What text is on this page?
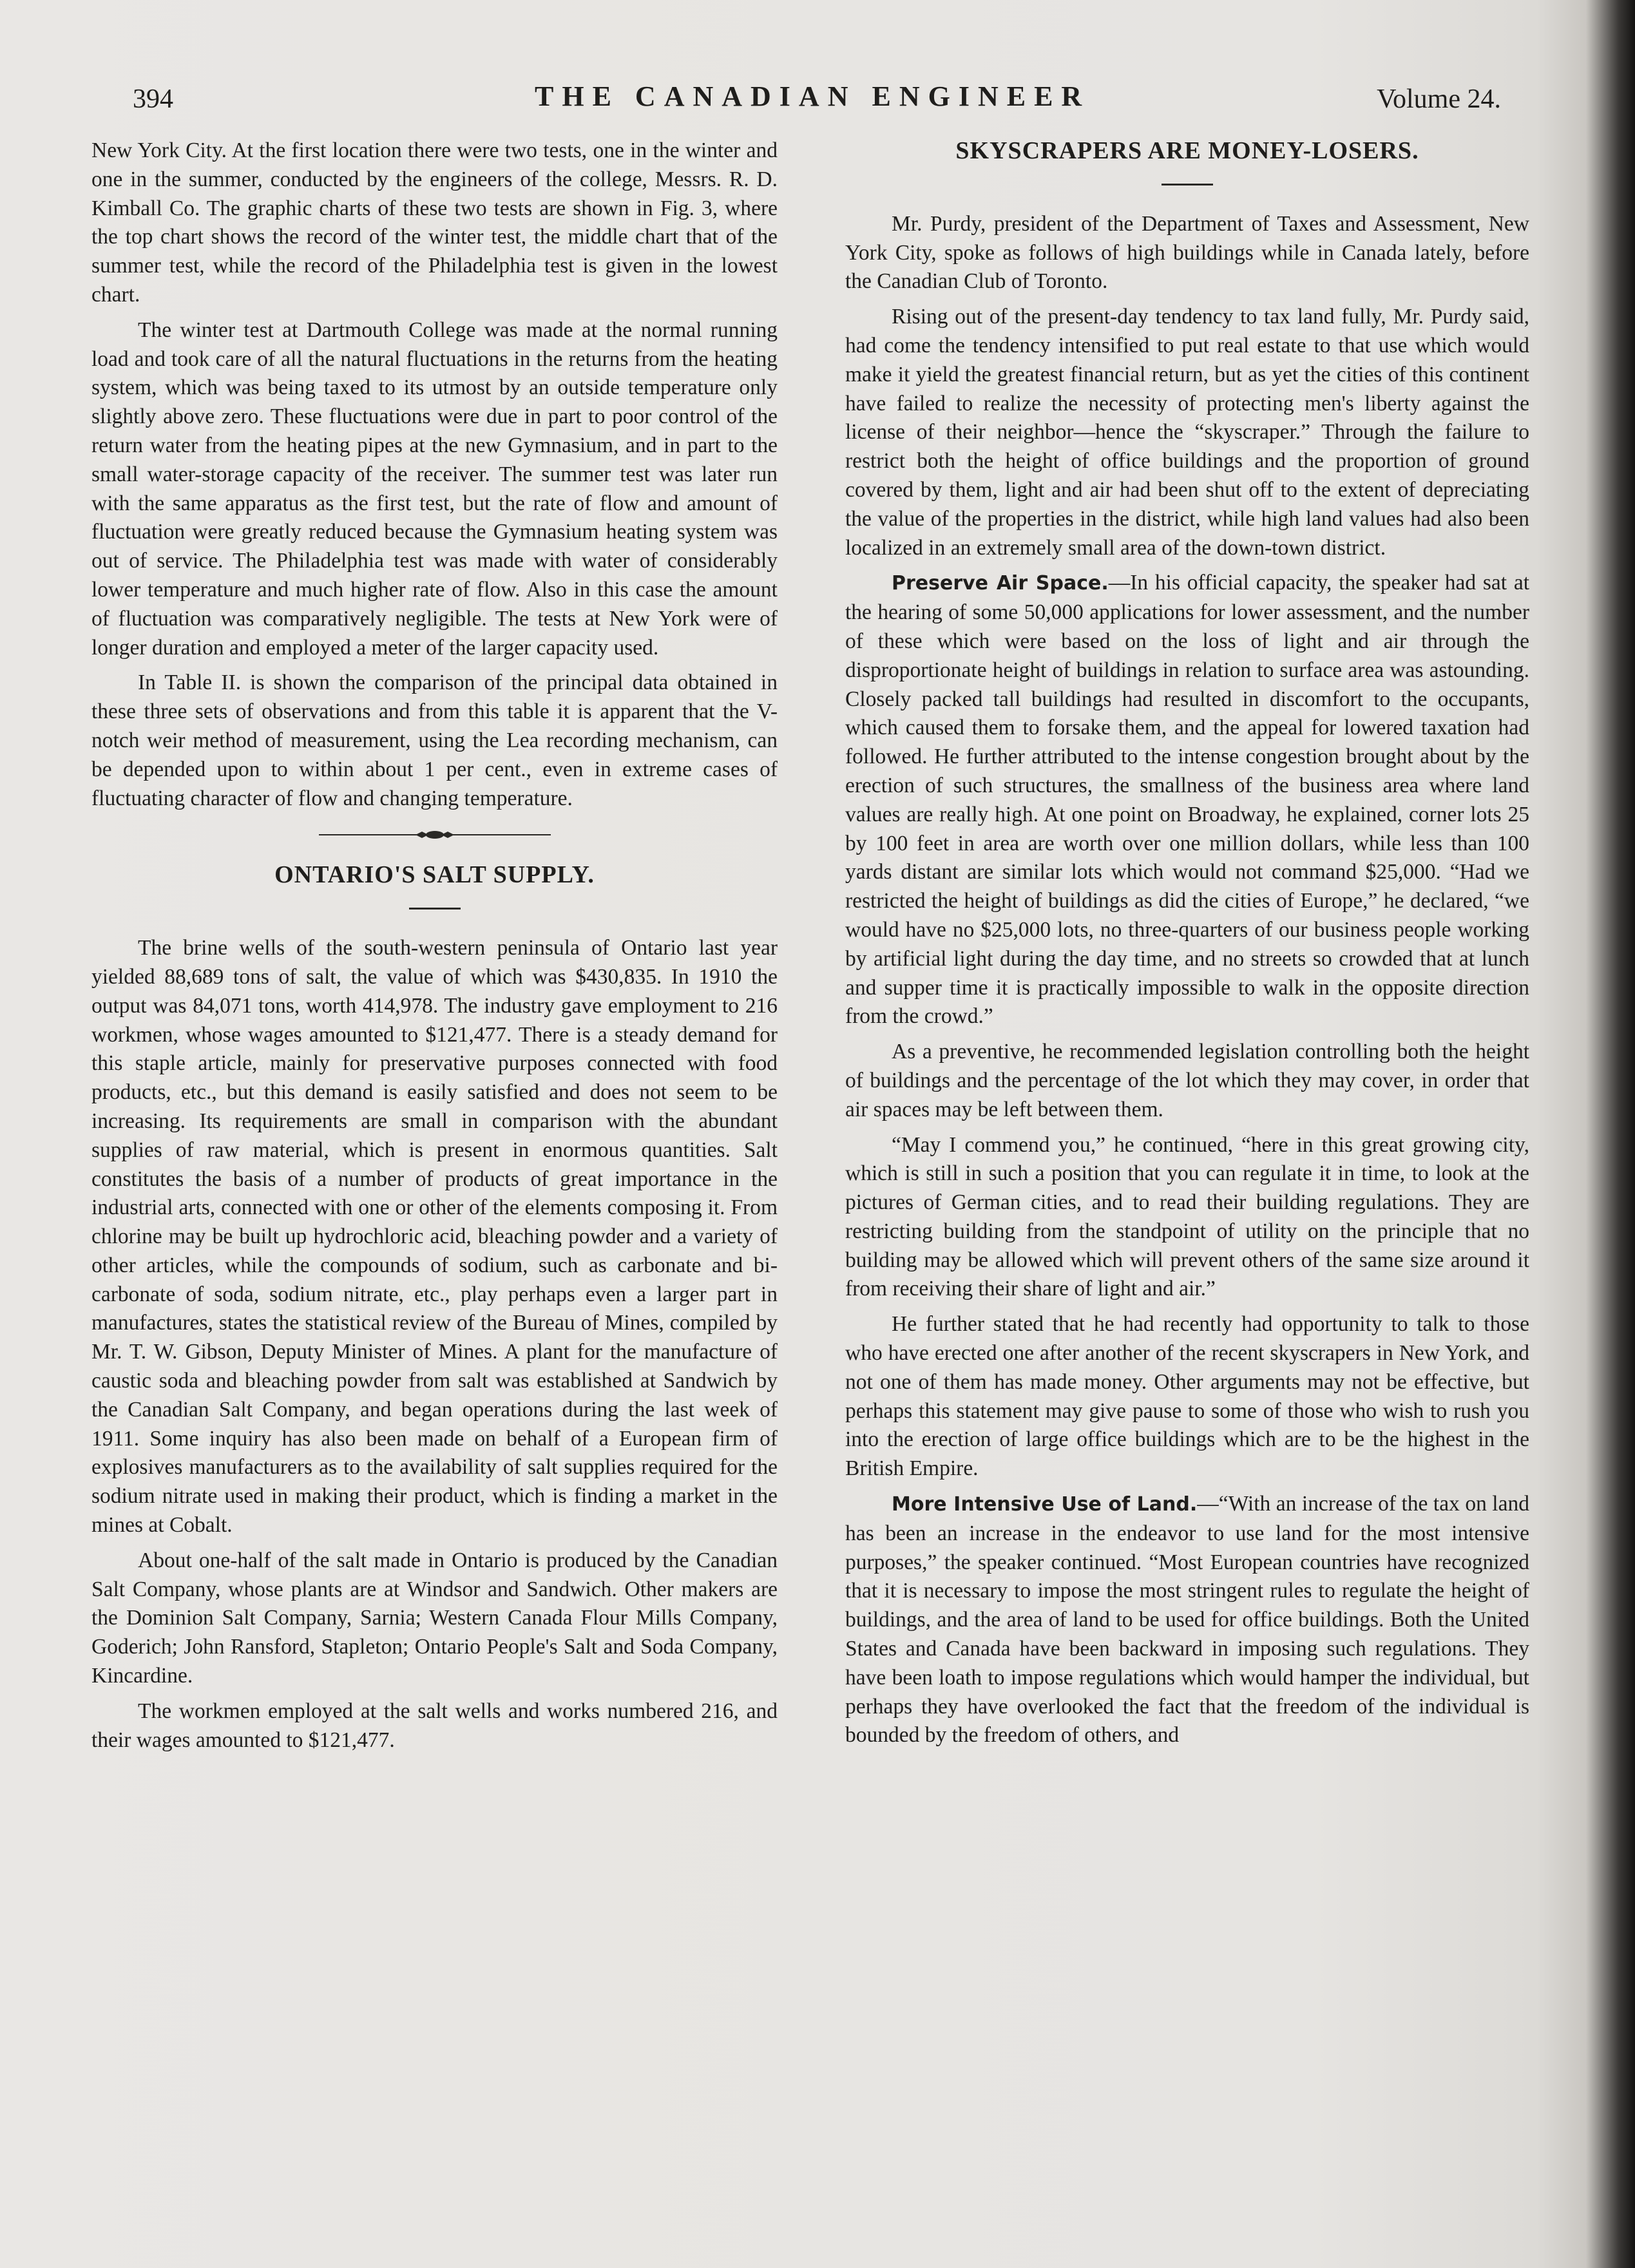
394	THE CANADIAN ENGINEER	Volume 24.

New York City. At the first location there were two tests, one in the winter and one in the summer, conducted by the engineers of the college, Messrs. R. D. Kimball Co. The graphic charts of these two tests are shown in Fig. 3, where the top chart shows the record of the winter test, the middle chart that of the summer test, while the record of the Philadelphia test is given in the lowest chart.

The winter test at Dartmouth College was made at the normal running load and took care of all the natural fluctuations in the returns from the heating system, which was being taxed to its utmost by an outside temperature only slightly above zero. These fluctuations were due in part to poor control of the return water from the heating pipes at the new Gymnasium, and in part to the small water-storage capacity of the receiver. The summer test was later run with the same apparatus as the first test, but the rate of flow and amount of fluctuation were greatly reduced because the Gymnasium heating system was out of service. The Philadelphia test was made with water of considerably lower temperature and much higher rate of flow. Also in this case the amount of fluctuation was comparatively negligible. The tests at New York were of longer duration and employed a meter of the larger capacity used.

In Table II. is shown the comparison of the principal data obtained in these three sets of observations and from this table it is apparent that the V-notch weir method of measurement, using the Lea recording mechanism, can be depended upon to within about 1 per cent., even in extreme cases of fluctuating character of flow and changing temperature.

ONTARIO'S SALT SUPPLY.

The brine wells of the south-western peninsula of Ontario last year yielded 88,689 tons of salt, the value of which was $430,835. In 1910 the output was 84,071 tons, worth 414,978. The industry gave employment to 216 workmen, whose wages amounted to $121,477. There is a steady demand for this staple article, mainly for preservative purposes connected with food products, etc., but this demand is easily satisfied and does not seem to be increasing. Its requirements are small in comparison with the abundant supplies of raw material, which is present in enormous quantities. Salt constitutes the basis of a number of products of great importance in the industrial arts, connected with one or other of the elements composing it. From chlorine may be built up hydrochloric acid, bleaching powder and a variety of other articles, while the compounds of sodium, such as carbonate and bi-carbonate of soda, sodium nitrate, etc., play perhaps even a larger part in manufactures, states the statistical review of the Bureau of Mines, compiled by Mr. T. W. Gibson, Deputy Minister of Mines. A plant for the manufacture of caustic soda and bleaching powder from salt was established at Sandwich by the Canadian Salt Company, and began operations during the last week of 1911. Some inquiry has also been made on behalf of a European firm of explosives manufacturers as to the availability of salt supplies required for the sodium nitrate used in making their product, which is finding a market in the mines at Cobalt.

About one-half of the salt made in Ontario is produced by the Canadian Salt Company, whose plants are at Windsor and Sandwich. Other makers are the Dominion Salt Company, Sarnia; Western Canada Flour Mills Company, Goderich; John Ransford, Stapleton; Ontario People's Salt and Soda Company, Kincardine.

The workmen employed at the salt wells and works numbered 216, and their wages amounted to $121,477.

SKYSCRAPERS ARE MONEY-LOSERS.

Mr. Purdy, president of the Department of Taxes and Assessment, New York City, spoke as follows of high buildings while in Canada lately, before the Canadian Club of Toronto.

Rising out of the present-day tendency to tax land fully, Mr. Purdy said, had come the tendency intensified to put real estate to that use which would make it yield the greatest financial return, but as yet the cities of this continent have failed to realize the necessity of protecting men's liberty against the license of their neighbor—hence the “skyscraper.” Through the failure to restrict both the height of office buildings and the proportion of ground covered by them, light and air had been shut off to the extent of depreciating the value of the properties in the district, while high land values had also been localized in an extremely small area of the down-town district.

Preserve Air Space.—In his official capacity, the speaker had sat at the hearing of some 50,000 applications for lower assessment, and the number of these which were based on the loss of light and air through the disproportionate height of buildings in relation to surface area was astounding. Closely packed tall buildings had resulted in discomfort to the occupants, which caused them to forsake them, and the appeal for lowered taxation had followed. He further attributed to the intense congestion brought about by the erection of such structures, the smallness of the business area where land values are really high. At one point on Broadway, he explained, corner lots 25 by 100 feet in area are worth over one million dollars, while less than 100 yards distant are similar lots which would not command $25,000. “Had we restricted the height of buildings as did the cities of Europe,” he declared, “we would have no $25,000 lots, no three-quarters of our business people working by artificial light during the day time, and no streets so crowded that at lunch and supper time it is practically impossible to walk in the opposite direction from the crowd.”

As a preventive, he recommended legislation controlling both the height of buildings and the percentage of the lot which they may cover, in order that air spaces may be left between them.

“May I commend you,” he continued, “here in this great growing city, which is still in such a position that you can regulate it in time, to look at the pictures of German cities, and to read their building regulations. They are restricting building from the standpoint of utility on the principle that no building may be allowed which will prevent others of the same size around it from receiving their share of light and air.”

He further stated that he had recently had opportunity to talk to those who have erected one after another of the recent skyscrapers in New York, and not one of them has made money. Other arguments may not be effective, but perhaps this statement may give pause to some of those who wish to rush you into the erection of large office buildings which are to be the highest in the British Empire.

More Intensive Use of Land.—“With an increase of the tax on land has been an increase in the endeavor to use land for the most intensive purposes,” the speaker continued. “Most European countries have recognized that it is necessary to impose the most stringent rules to regulate the height of buildings, and the area of land to be used for office buildings. Both the United States and Canada have been backward in imposing such regulations. They have been loath to impose regulations which would hamper the individual, but perhaps they have overlooked the fact that the freedom of the individual is bounded by the freedom of others, and
